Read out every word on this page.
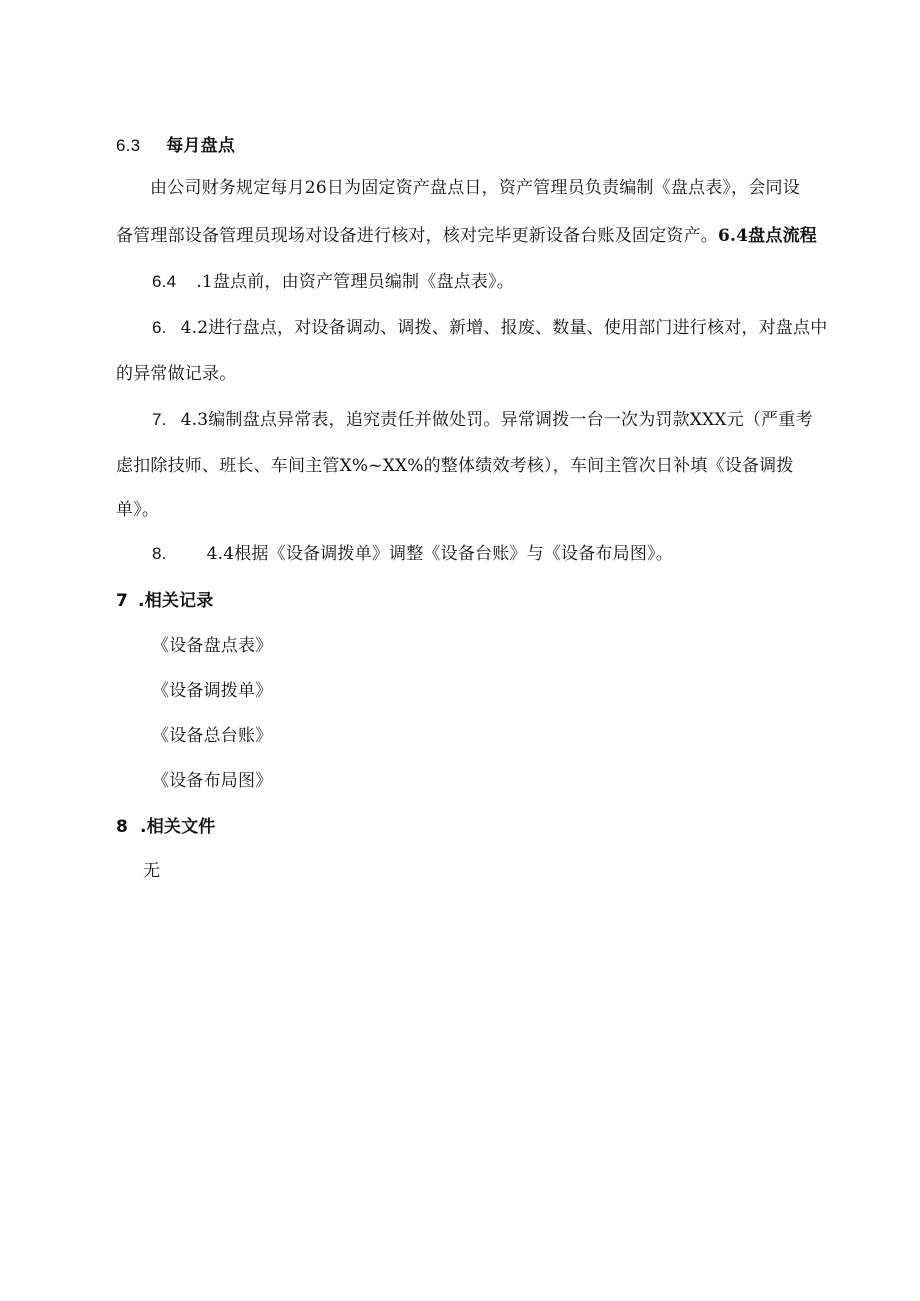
6.3 每月盘点
由公司财务规定每月26日为固定资产盘点日，资产管理员负责编制《盘点表》，会同设
备管理部设备管理员现场对设备进行核对，核对完毕更新设备台账及固定资产。6.4盘点流程
6.4 .1盘点前，由资产管理员编制《盘点表》。
6. 4.2进行盘点，对设备调动、调拨、新增、报废、数量、使用部门进行核对，对盘点中
的异常做记录。
7. 4.3编制盘点异常表，追究责任并做处罚。异常调拨一台一次为罚款XXX元（严重考
虑扣除技师、班长、车间主管X%~XX%的整体绩效考核），车间主管次日补填《设备调拨
单》。
8. 4.4根据《设备调拨单》调整《设备台账》与《设备布局图》。
7 .相关记录
《设备盘点表》
《设备调拨单》
《设备总台账》
《设备布局图》
8 .相关文件
无
